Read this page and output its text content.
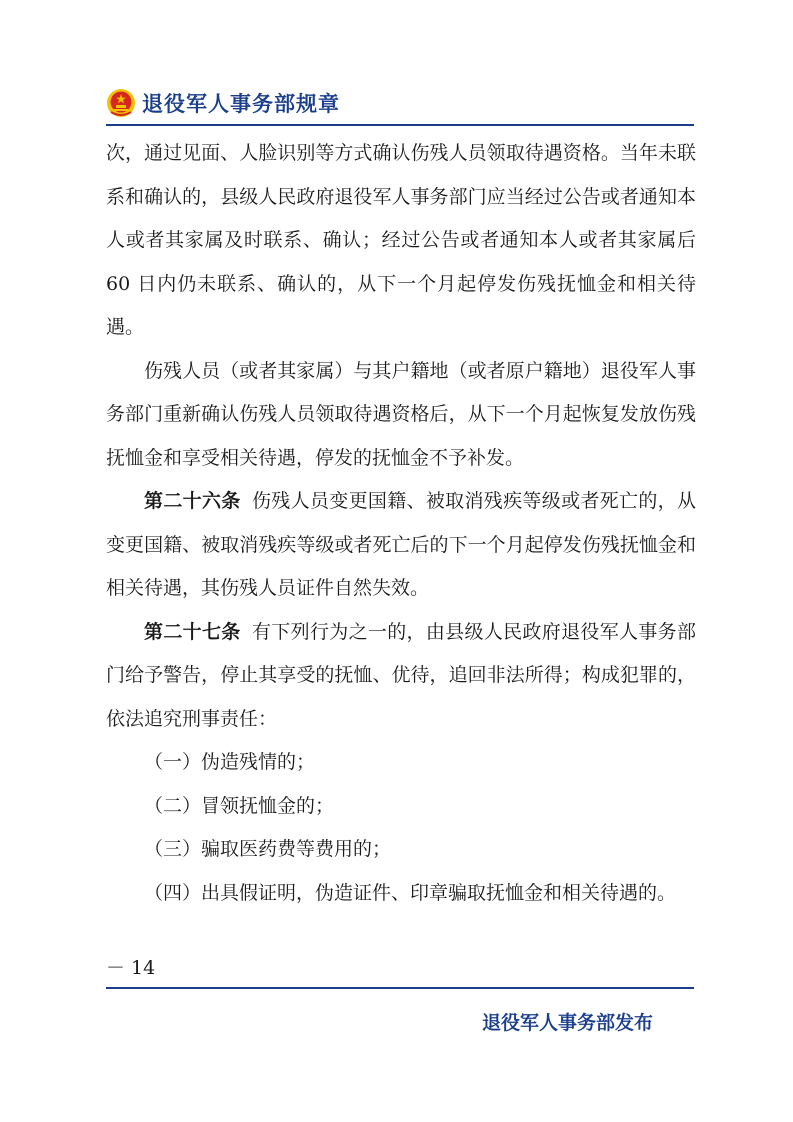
退役军人事务部规章

次，通过见面、人脸识别等方式确认伤残人员领取待遇资格。当年未联系和确认的，县级人民政府退役军人事务部门应当经过公告或者通知本人或者其家属及时联系、确认；经过公告或者通知本人或者其家属后 60 日内仍未联系、确认的，从下一个月起停发伤残抚恤金和相关待遇。

伤残人员（或者其家属）与其户籍地（或者原户籍地）退役军人事务部门重新确认伤残人员领取待遇资格后，从下一个月起恢复发放伤残抚恤金和享受相关待遇，停发的抚恤金不予补发。

第二十六条 伤残人员变更国籍、被取消残疾等级或者死亡的，从变更国籍、被取消残疾等级或者死亡后的下一个月起停发伤残抚恤金和相关待遇，其伤残人员证件自然失效。

第二十七条 有下列行为之一的，由县级人民政府退役军人事务部门给予警告，停止其享受的抚恤、优待，追回非法所得；构成犯罪的，依法追究刑事责任：

（一）伪造残情的；

（二）冒领抚恤金的；

（三）骗取医药费等费用的；

（四）出具假证明，伪造证件、印章骗取抚恤金和相关待遇的。

－ 14
退役军人事务部发布
